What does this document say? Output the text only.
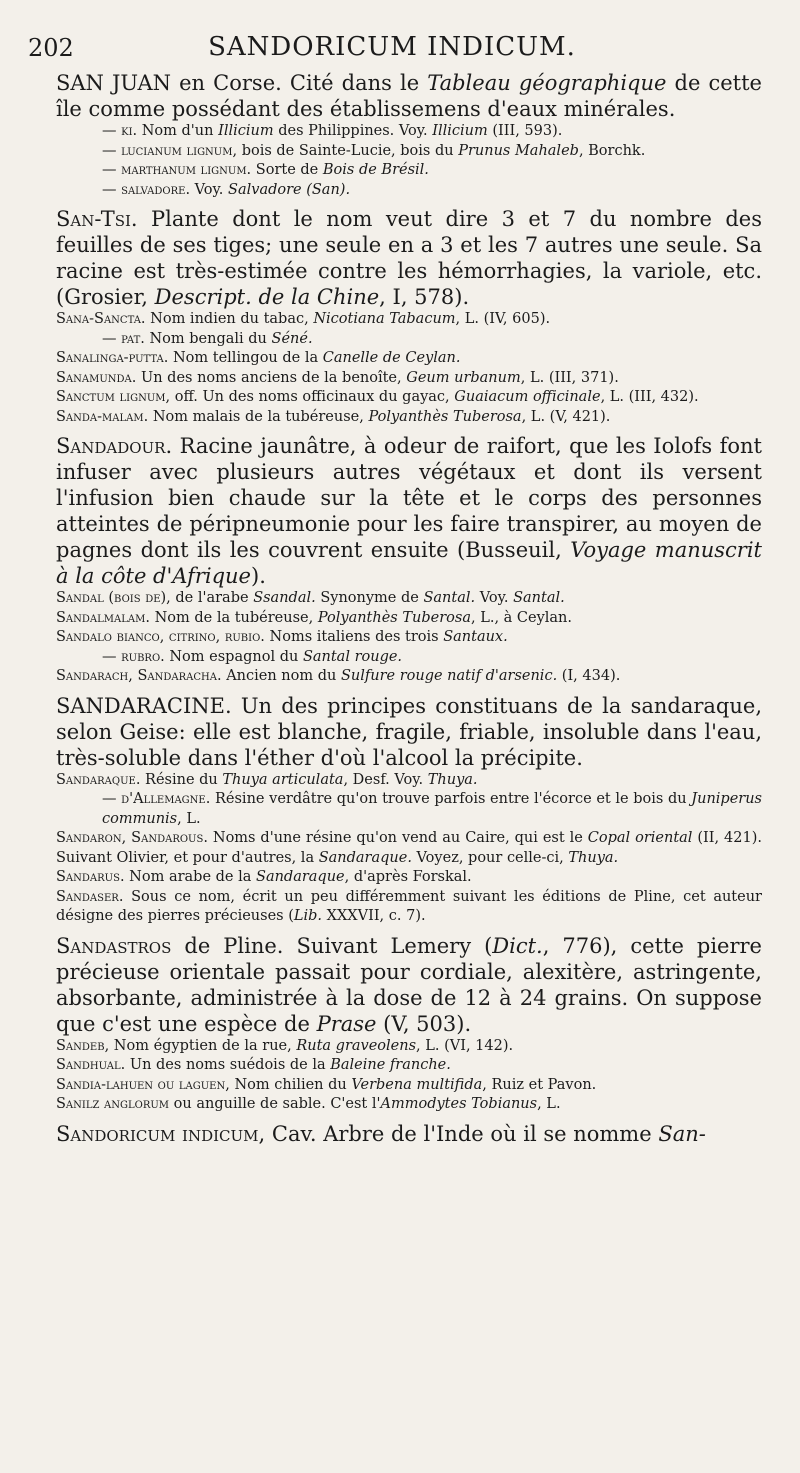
202	SANDORICUM INDICUM.

SAN JUAN en Corse. Cité dans le Tableau géographique de cette île comme possédant des établissemens d'eaux minérales.

— ki. Nom d'un Illicium des Philippines. Voy. Illicium (III, 593).

— lucianum lignum, bois de Sainte-Lucie, bois du Prunus Mahaleb, Borchk.

— marthanum lignum. Sorte de Bois de Brésil.

— salvadore. Voy. Salvadore (San).

San-Tsi. Plante dont le nom veut dire 3 et 7 du nombre des feuilles de ses tiges; une seule en a 3 et les 7 autres une seule. Sa racine est très-estimée contre les hémorrhagies, la variole, etc. (Grosier, Descript. de la Chine, I, 578).

Sana-Sancta. Nom indien du tabac, Nicotiana Tabacum, L. (IV, 605).

— pat. Nom bengali du Séné.

Sanalinga-putta. Nom tellingou de la Canelle de Ceylan.

Sanamunda. Un des noms anciens de la benoîte, Geum urbanum, L. (III, 371).

Sanctum lignum, off. Un des noms officinaux du gayac, Guaiacum officinale, L. (III, 432).

Sanda-malam. Nom malais de la tubéreuse, Polyanthès Tuberosa, L. (V, 421).

Sandadour. Racine jaunâtre, à odeur de raifort, que les Iolofs font infuser avec plusieurs autres végétaux et dont ils versent l'infusion bien chaude sur la tête et le corps des personnes atteintes de péripneumonie pour les faire transpirer, au moyen de pagnes dont ils les couvrent ensuite (Busseuil, Voyage manuscrit à la côte d'Afrique).

Sandal (bois de), de l'arabe Ssandal. Synonyme de Santal. Voy. Santal.

Sandalmalam. Nom de la tubéreuse, Polyanthès Tuberosa, L., à Ceylan.

Sandalo bianco, citrino, rubio. Noms italiens des trois Santaux.

— rubro. Nom espagnol du Santal rouge.

Sandarach, Sandaracha. Ancien nom du Sulfure rouge natif d'arsenic. (I, 434).

SANDARACINE. Un des principes constituans de la sandaraque, selon Geise: elle est blanche, fragile, friable, insoluble dans l'eau, très-soluble dans l'éther d'où l'alcool la précipite.

Sandaraque. Résine du Thuya articulata, Desf. Voy. Thuya.

— d'Allemagne. Résine verdâtre qu'on trouve parfois entre l'écorce et le bois du Juniperus communis, L.

Sandaron, Sandarous. Noms d'une résine qu'on vend au Caire, qui est le Copal oriental (II, 421). Suivant Olivier, et pour d'autres, la Sandaraque. Voyez, pour celle-ci, Thuya.

Sandarus. Nom arabe de la Sandaraque, d'après Forskal.

Sandaser. Sous ce nom, écrit un peu différemment suivant les éditions de Pline, cet auteur désigne des pierres précieuses (Lib. XXXVII, c. 7).

Sandastros de Pline. Suivant Lemery (Dict., 776), cette pierre précieuse orientale passait pour cordiale, alexitère, astringente, absorbante, administrée à la dose de 12 à 24 grains. On suppose que c'est une espèce de Prase (V, 503).

Sandeb, Nom égyptien de la rue, Ruta graveolens, L. (VI, 142).

Sandhual. Un des noms suédois de la Baleine franche.

Sandia-lahuen ou laguen, Nom chilien du Verbena multifida, Ruiz et Pavon.

Sanilz anglorum ou anguille de sable. C'est l'Ammodytes Tobianus, L.

Sandoricum indicum, Cav. Arbre de l'Inde où il se nomme San-
